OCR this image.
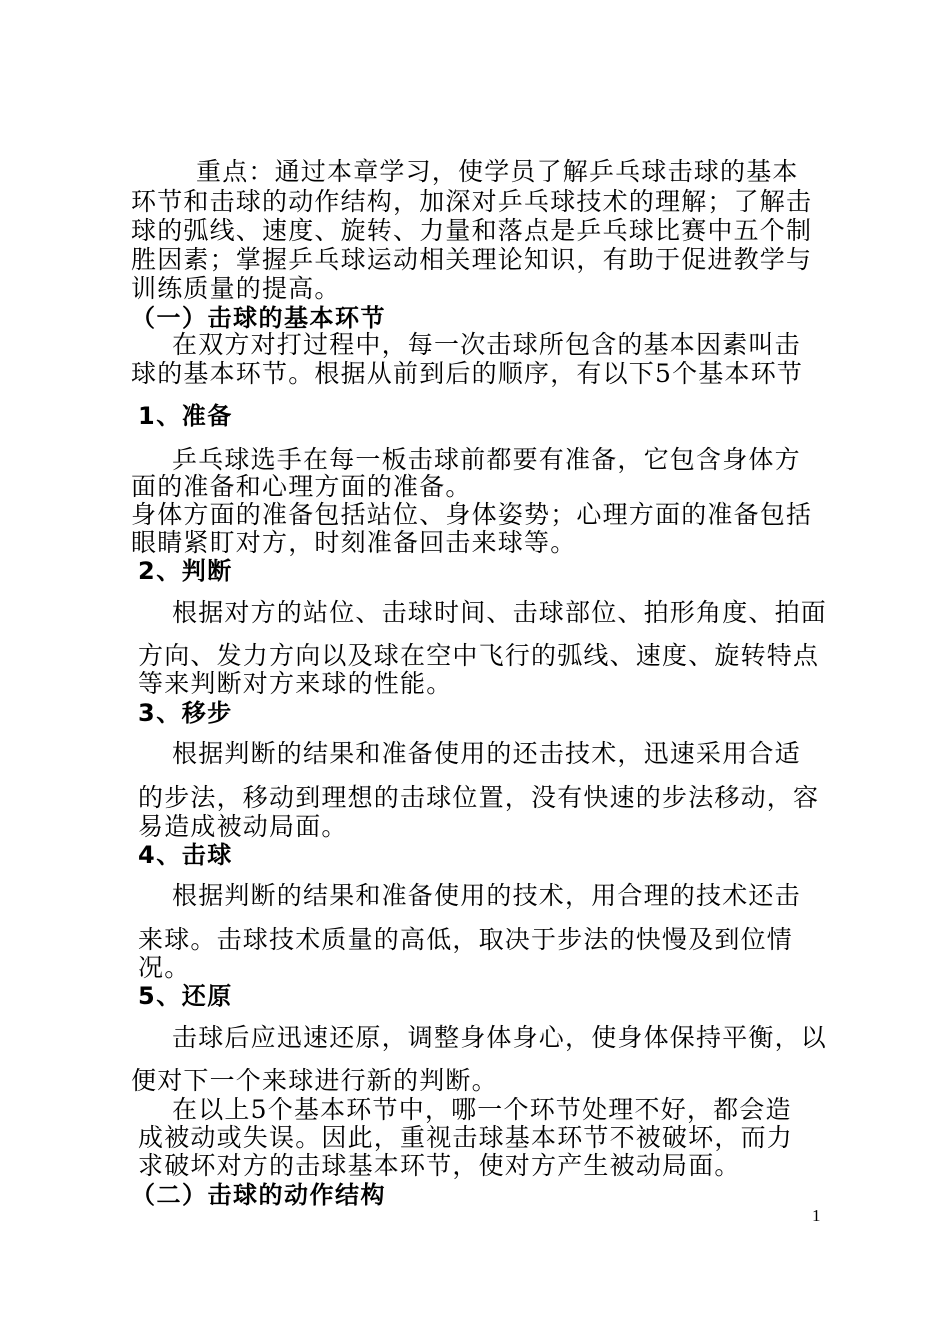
重点：通过本章学习，使学员了解乒乓球击球的基本
环节和击球的动作结构，加深对乒乓球技术的理解；了解击
球的弧线、速度、旋转、力量和落点是乒乓球比赛中五个制
胜因素；掌握乒乓球运动相关理论知识，有助于促进教学与
训练质量的提高。
（一）击球的基本环节
在双方对打过程中，每一次击球所包含的基本因素叫击
球的基本环节。根据从前到后的顺序，有以下5个基本环节
1、准备
乒乓球选手在每一板击球前都要有准备，它包含身体方
面的准备和心理方面的准备。
身体方面的准备包括站位、身体姿势；心理方面的准备包括
眼睛紧盯对方，时刻准备回击来球等。
2、判断
根据对方的站位、击球时间、击球部位、拍形角度、拍面
方向、发力方向以及球在空中飞行的弧线、速度、旋转特点
等来判断对方来球的性能。
3、移步
根据判断的结果和准备使用的还击技术，迅速采用合适
的步法，移动到理想的击球位置，没有快速的步法移动，容
易造成被动局面。
4、击球
根据判断的结果和准备使用的技术，用合理的技术还击
来球。击球技术质量的高低，取决于步法的快慢及到位情
况。
5、还原
击球后应迅速还原，调整身体身心，使身体保持平衡，以
便对下一个来球进行新的判断。
在以上5个基本环节中，哪一个环节处理不好，都会造
成被动或失误。因此，重视击球基本环节不被破坏，而力
求破坏对方的击球基本环节，使对方产生被动局面。
（二）击球的动作结构
1
